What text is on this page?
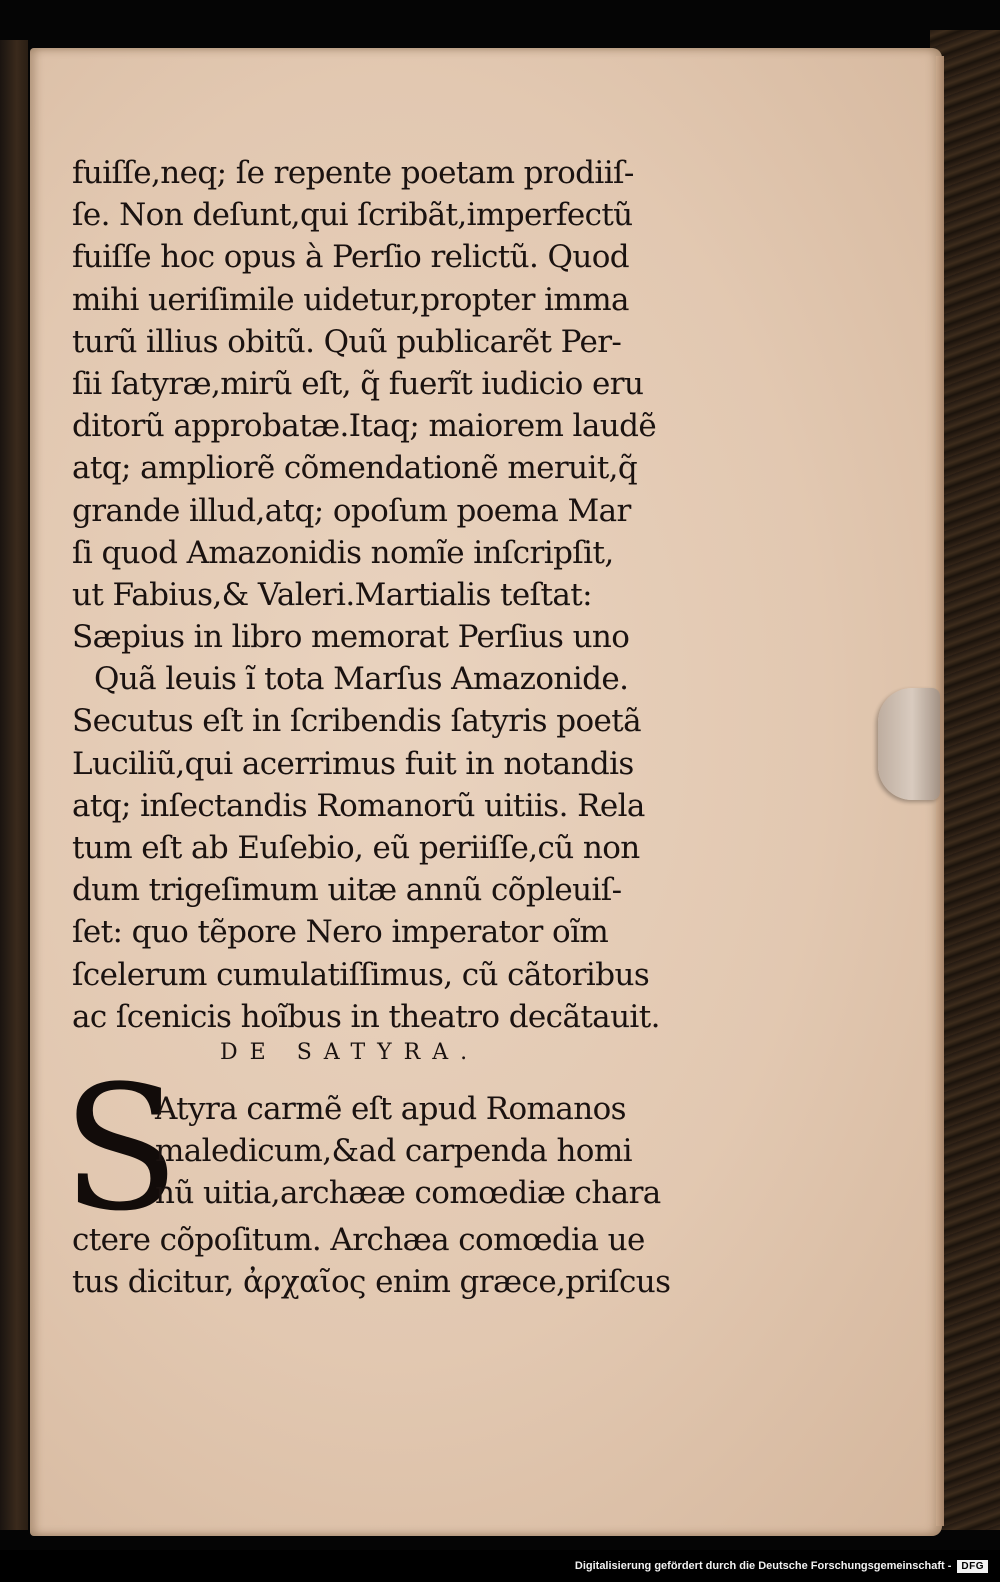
fuiſſe,neq; ſe repente poetam prodiiſ-
ſe. Non deſunt,qui ſcribãt,imperfectũ
fuiſſe hoc opus à Perſio relictũ. Quod
mihi ueriſimile uidetur,propter imma
turũ illius obitũ. Quũ publicarẽt Per-
ſii ſatyræ,mirũ eſt, q̃ fuerĩt iudicio eru
ditorũ approbatæ.Itaq; maiorem laudẽ
atq; ampliorẽ cõmendationẽ meruit,q̃
grande illud,atq; opoſum poema Mar
ſi quod Amazonidis nomĩe inſcripſit,
ut Fabius,& Valeri.Martialis teſtat:
Sæpius in libro memorat Perſius uno
Quã leuis ĩ tota Marſus Amazonide.
Secutus eſt in ſcribendis ſatyris poetã
Luciliũ,qui acerrimus fuit in notandis
atq; inſectandis Romanorũ uitiis. Rela
tum eſt ab Euſebio, eũ periiſſe,cũ non
dum trigeſimum uitæ annũ cõpleuiſ-
ſet: quo tẽpore Nero imperator oĩm
ſcelerum cumulatiſſimus, cũ cãtoribus
ac ſcenicis hoĩbus in theatro decãtauit.
DE SATYRA.
S
Atyra carmẽ eſt apud Romanos
maledicum,&ad carpenda homi
nũ uitia,archææ comœdiæ chara
ctere cõpoſitum. Archæa comœdia ue
tus dicitur, ἀρχαῖος enim græce,priſcus
Digitalisierung gefördert durch die Deutsche Forschungsgemeinschaft -	DFG
